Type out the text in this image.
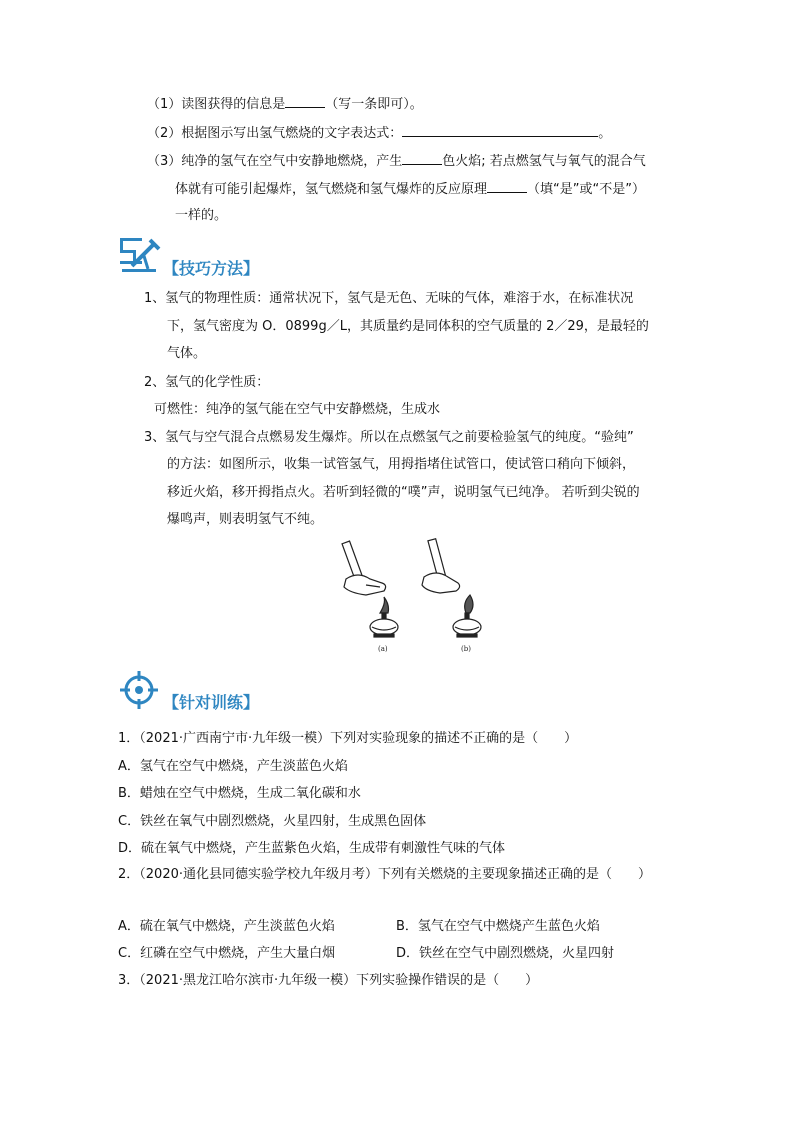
（1）读图获得的信息是	（写一条即可）。
（2）根据图示写出氢气燃烧的文字表达式：	。
（3）纯净的氢气在空气中安静地燃烧，产生	色火焰; 若点燃氢气与氧气的混合气
体就有可能引起爆炸，氢气燃烧和氢气爆炸的反应原理	（填“是”或“不是”）
一样的。
【技巧方法】
1、氢气的物理性质：通常状况下，氢气是无色、无味的气体，难溶于水，在标准状况
下，氢气密度为 O．0899g／L，其质量约是同体积的空气质量的 2／29，是最轻的
气体。
2、氢气的化学性质：
可燃性：纯净的氢气能在空气中安静燃烧，生成水
3、氢气与空气混合点燃易发生爆炸。所以在点燃氢气之前要检验氢气的纯度。“验纯”
的方法：如图所示，收集一试管氢气，用拇指堵住试管口，使试管口稍向下倾斜，
移近火焰，移开拇指点火。若听到轻微的“噗”声，说明氢气已纯净。 若听到尖锐的
爆鸣声，则表明氢气不纯。
(a)	(b)
【针对训练】
1．（2021·广西南宁市·九年级一模）下列对实验现象的描述不正确的是（　　）
A．氢气在空气中燃烧，产生淡蓝色火焰
B．蜡烛在空气中燃烧，生成二氧化碳和水
C．铁丝在氧气中剧烈燃烧，火星四射，生成黑色固体
D．硫在氧气中燃烧，产生蓝紫色火焰，生成带有刺激性气味的气体
2．（2020·通化县同德实验学校九年级月考）下列有关燃烧的主要现象描述正确的是（　　）
A．硫在氧气中燃烧，产生淡蓝色火焰	B．氢气在空气中燃烧产生蓝色火焰
C．红磷在空气中燃烧，产生大量白烟	D．铁丝在空气中剧烈燃烧，火星四射
3．（2021·黑龙江哈尔滨市·九年级一模）下列实验操作错误的是（　　）
